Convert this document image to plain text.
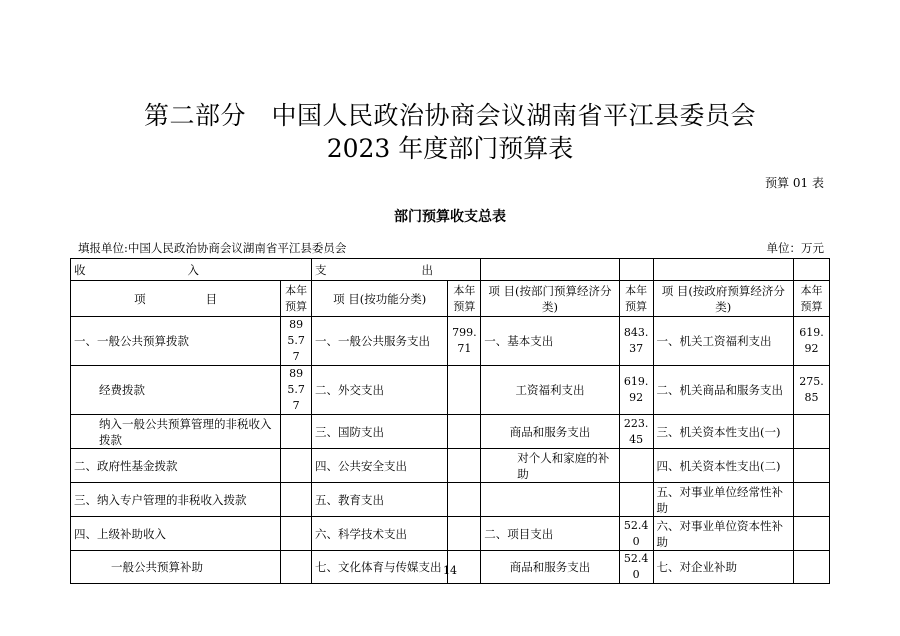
第二部分　中国人民政治协商会议湖南省平江县委员会
2023 年度部门预算表
预算 01 表
部门预算收支总表
填报单位:中国人民政治协商会议湖南省平江县委员会	单位：万元
收 入		支 出					

项 目	本年预算	项 目(按功能分类)	本年预算	项 目(按部门预算经济分类)	本年预算	项 目(按政府预算经济分类)	本年预算
一、一般公共预算拨款	895.77	一、一般公共服务支出	799.71	一、基本支出	843.37	一、机关工资福利支出	619.92
经费拨款	895.77	二、外交支出		工资福利支出	619.92	二、机关商品和服务支出	275.85
纳入一般公共预算管理的非税收入拨款		三、国防支出		商品和服务支出	223.45	三、机关资本性支出(一)	
二、政府性基金拨款		四、公共安全支出		对个人和家庭的补助		四、机关资本性支出(二)	
三、纳入专户管理的非税收入拨款		五、教育支出				五、对事业单位经常性补助	
四、上级补助收入		六、科学技术支出		二、项目支出	52.40	六、对事业单位资本性补助	
一般公共预算补助		七、文化体育与传媒支出		商品和服务支出	52.40	七、对企业补助	
14
